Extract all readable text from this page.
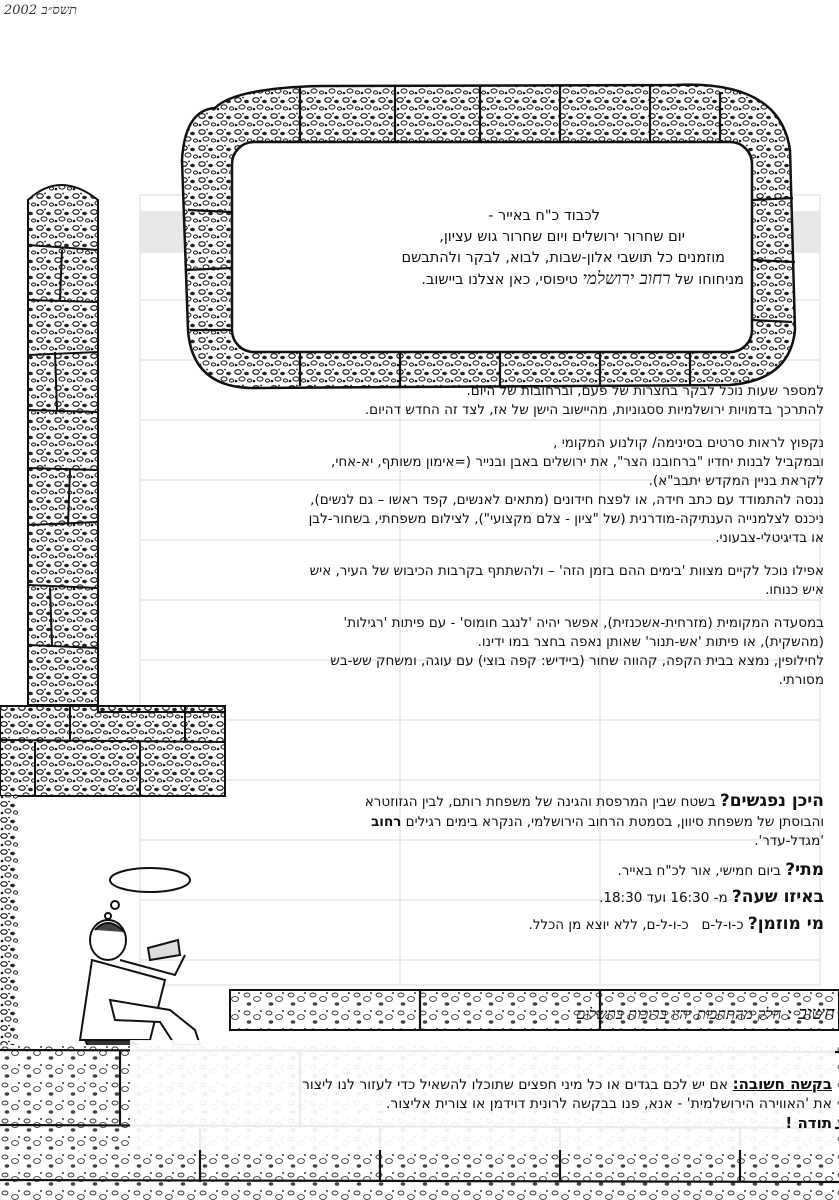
תשס״ב 2002
לכבוד כ"ח באייר -
יום שחרור ירושלים ויום שחרור גוש עציון,
מוזמנים כל תושבי אלון-שבות, לבוא, לבקר ולהתבשם
מניחוחו של רחוב ירושלמי טיפוסי, כאן אצלנו ביישוב.

למספר שעות נוכל לבקר בחצרות של פעם, וברחובות של היום.

להתרכך בדמויות ירושלמיות ססגוניות, מהיישוב הישן של אז, לצד זה החדש דהיום.

נקפוץ לראות סרטים בסינימה/ קולנוע המקומי ,

ובמקביל לבנות יחדיו "ברחובנו הצר", את ירושלים באבן ובנייר (=אימון משותף, יא-אחי,

לקראת בניין המקדש יתבב"א).

ננסה להתמודד עם כתב חידה, או לפצח חידונים (מתאים לאנשים, קפד ראשו – גם לנשים),

ניכנס לצלמנייה הענתיקה-מודרנית (של "ציון - צלם מקצועי"), לצילום משפחתי, בשחור-לבן

או בדיגיטלי-צבעוני.

אפילו נוכל לקיים מצוות 'בימים ההם בזמן הזה' – ולהשתתף בקרבות הכיבוש של העיר, איש

איש כנוחו.

במסעדה המקומית (מזרחית-אשכנזית), אפשר יהיה 'לנגב חומוס' - עם פיתות 'רגילות'

(מהשקית), או פיתות 'אש-תנור' שאותן נאפה בחצר במו ידינו.

לחילופין, נמצא בבית הקפה, קהווה שחור (ביידיש: קפה בוצי) עם עוגה, ומשחק שש-בש

מסורתי.

היכן נפגשים? בשטח שבין המרפסת והגינה של משפחת רותם, לבין הגזוזטרא
והבוסתן של משפחת סיוון, בסמטת הרחוב הירושלמי, הנקרא בימים רגילים רחוב
'מגדל-עדר'.
מתי? ביום חמישי, אור לכ"ח באייר.
באיזו שעה? מ- 16:30 ועד 18:30.
מי מוזמן? כ-ו-ל-ם   כ-ו-ל-ם, ללא יוצא מן הכלל.
חשוב : חלק מהתחכות יהיו ברוכות בתשלום
בקשה חשובה: אם יש לכם בגדים או כל מיני חפצים שתוכלו להשאיל כדי לעזור לנו ליצור
את 'האווירה הירושלמית' - אנא, פנו בבקשה לרונית דוידמן או צורית אליצור.
תודה !
